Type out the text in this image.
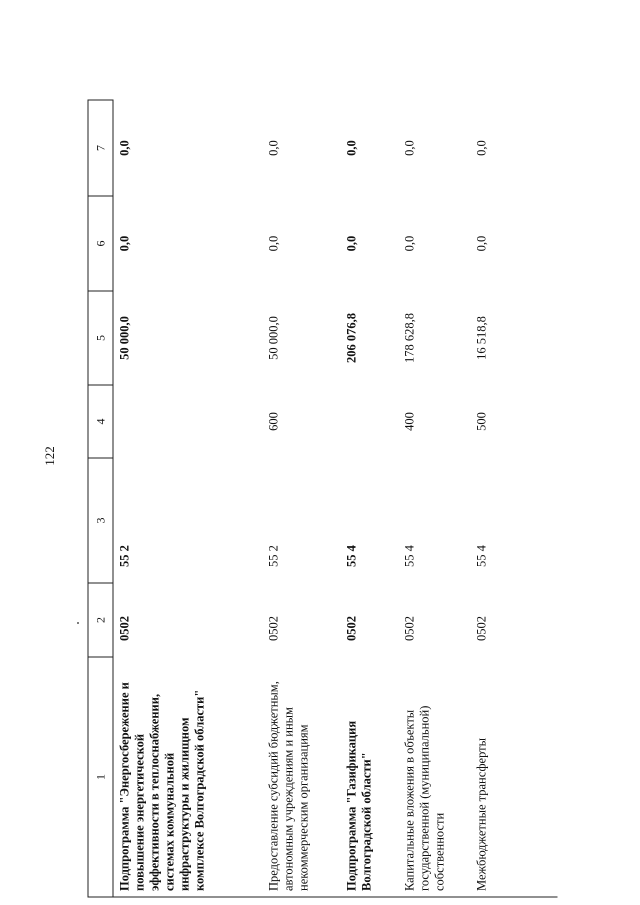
122
1	2	3	4	5	6	7
Подпрограмма "Энергосбережение и повышение энергетической эффективности в теплоснабжении, системах коммунальной инфраструктуры и жилищном комплексе Волгоградской области"	0502	55 2		50 000,0	0,0	0,0
Предоставление субсидий бюджетным, автономным учреждениям и иным некоммерческим организациям	0502	55 2	600	50 000,0	0,0	0,0
Подпрограмма "Газификация Волгоградской области"	0502	55 4		206 076,8	0,0	0,0
Капитальные вложения в объекты государственной (муниципальной) собственности	0502	55 4	400	178 628,8	0,0	0,0
Межбюджетные трансферты	0502	55 4	500	16 518,8	0,0	0,0
